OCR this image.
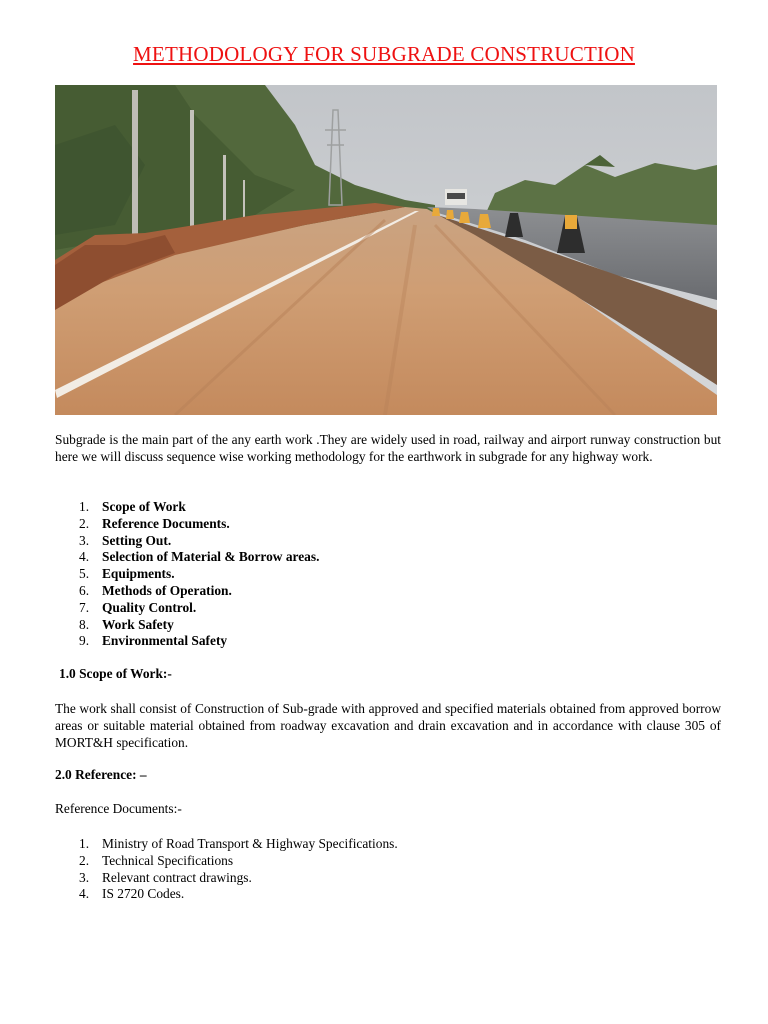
METHODOLOGY FOR SUBGRADE CONSTRUCTION

Subgrade is the main part of the any earth work .They are widely used in road, railway and airport runway construction but here we will discuss sequence wise working methodology for the earthwork in subgrade for any highway work.

1. Scope of Work
2. Reference Documents.
3. Setting Out.
4. Selection of Material & Borrow areas.
5. Equipments.
6. Methods of Operation.
7. Quality Control.
8. Work Safety
9. Environmental Safety
1.0 Scope of Work:-

The work shall consist of Construction of Sub-grade with approved and specified materials obtained from approved borrow areas or suitable material obtained from roadway excavation and drain excavation and in accordance with clause 305 of MORT&H specification.

2.0 Reference: –
Reference Documents:-
1. Ministry of Road Transport & Highway Specifications.
2. Technical Specifications
3. Relevant contract drawings.
4. IS 2720 Codes.
